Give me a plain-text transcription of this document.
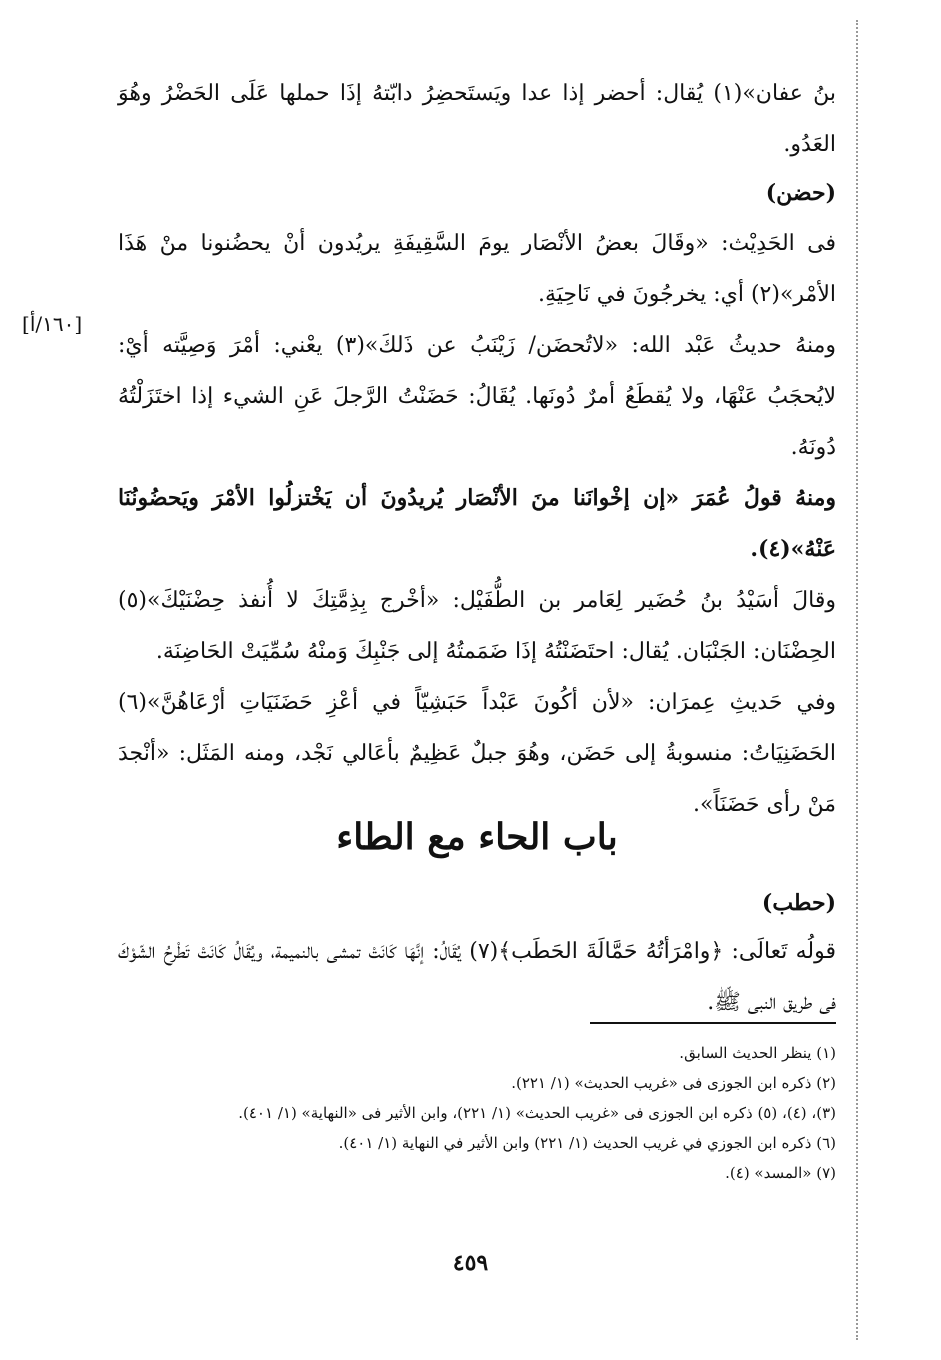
[١٦٠/أ]

بنُ عفان»(١) يُقال: أحضر إذا عدا ويَستَحضِرُ دابّتهُ إذَا حملها عَلَى الحَضْرُ وهُوَ العَدُو.

(حضن)

فى الحَدِيْث: «وقَالَ بعضُ الأنْصَار يومَ السَّقِيفَةِ يريُدون أنْ يحضُنونا منْ هَذَا الأمْر»(٢) أي: يخرجُونَ في نَاحِيَةِ.

ومنهُ حديثُ عَبْد الله: «لاتُحضَن/ زَيْنَبُ عن ذَلكَ»(٣) يعْني: أمْرَ وَصِيَّته أيْ: لايُحجَبُ عَنْهَا، ولا يُقطَعُ أمرٌ دُونَها. يُقَالُ: حَضَنْتُ الرَّجلَ عَنِ الشيء إذا اختَزَلْتُهُ دُونَهُ.

ومنهُ قولُ عُمَرَ «إن إخْوانَنا منَ الأنْصَار يُريدُونَ أن يَخْتزلُوا الأمْرَ ويَحضُونُنَا عَنْهُ»(٤).

وقالَ أسَيْدُ بنُ حُضَير لِعَامر بن الطُّفَيْل: «أخْرج بِذِمَّتِكَ لا أُنفذ حِضْنَيْكَ»(٥) الحِضْنَان: الجَنْبَان. يُقال: احتَضَنْتُهُ إذَا ضَمَمتُهُ إلى جَنْبِكَ وَمنْهُ سُمِّيَتْ الحَاضِنَة.

وفي حَديثِ عِمرَان: «لأن أكُونَ عَبْداً حَبَشِيّاً في أعْزِ حَضَنَيَاتِ أرْعَاهُنَّ»(٦) الحَضَنِيَاتُ: منسوبةُ إلى حَضَن، وهُوَ جبلٌ عَظِيمٌ بأعَالي نَجْد، ومنه المَثَل: «أنْجدَ مَنْ رأى حَضَنَاً».

باب الحاء مع الطاء
(حطب)

قولُه تَعالَى: ﴿وامْرَأتُهُ حَمَّالَةَ الحَطَب﴾(٧) يُقَالُ: إنَّهَا كَانَتْ تمشى بالنميمة، ويُقَالُ كَانَتْ تَطْرحُ الشّوْكَ فى طريق النبى ﷺ.

(١) ينظر الحديث السابق.

(٢) ذكره ابن الجوزى فى «غريب الحديث» (١/ ٢٢١).

(٣)، (٤)، (٥) ذكره ابن الجوزى فى «غريب الحديث» (١/ ٢٢١)، وابن الأثير فى «النهاية» (١/ ٤٠١).

(٦) ذكره ابن الجوزي في غريب الحديث (١/ ٢٢١) وابن الأثير في النهاية (١/ ٤٠١).

(٧) «المسد» (٤).

٤٥٩
